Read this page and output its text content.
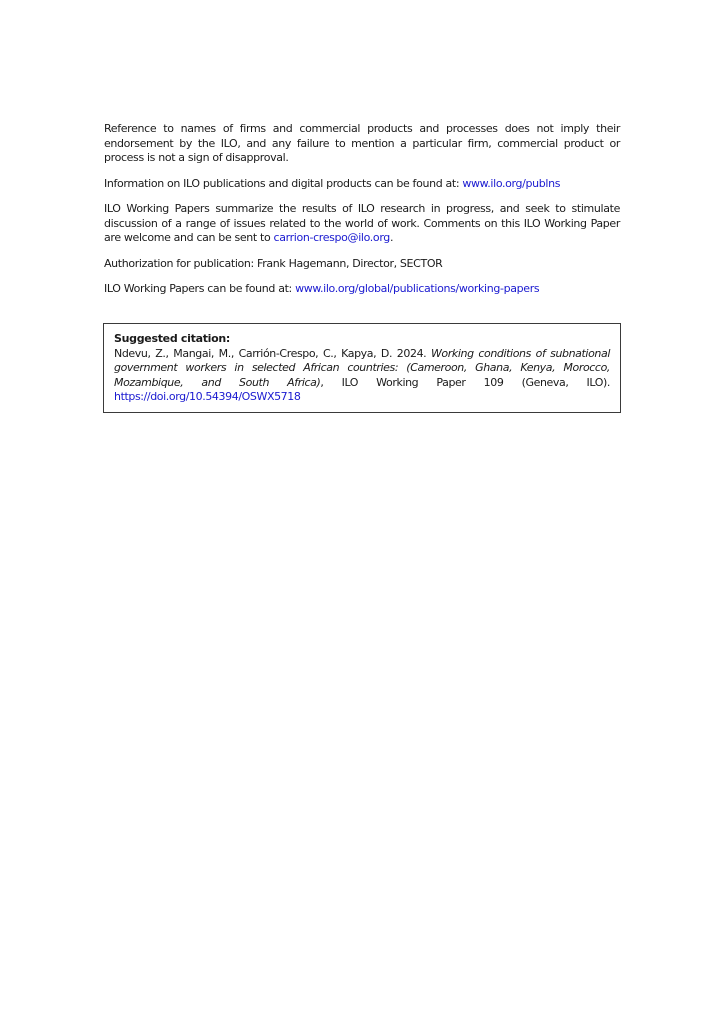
Reference to names of firms and commercial products and processes does not imply their endorsement by the ILO, and any failure to mention a particular firm, commercial product or process is not a sign of disapproval.

Information on ILO publications and digital products can be found at: www.ilo.org/publns

ILO Working Papers summarize the results of ILO research in progress, and seek to stimulate discussion of a range of issues related to the world of work. Comments on this ILO Working Paper are welcome and can be sent to carrion-crespo@ilo.org.

Authorization for publication: Frank Hagemann, Director, SECTOR

ILO Working Papers can be found at: www.ilo.org/global/publications/working-papers

Suggested citation:

Ndevu, Z., Mangai, M., Carrión-Crespo, C., Kapya, D. 2024. Working conditions of subnational government workers in selected African countries: (Cameroon, Ghana, Kenya, Morocco, Mozambique, and South Africa), ILO Working Paper 109 (Geneva, ILO). https://doi.org/10.54394/OSWX5718
